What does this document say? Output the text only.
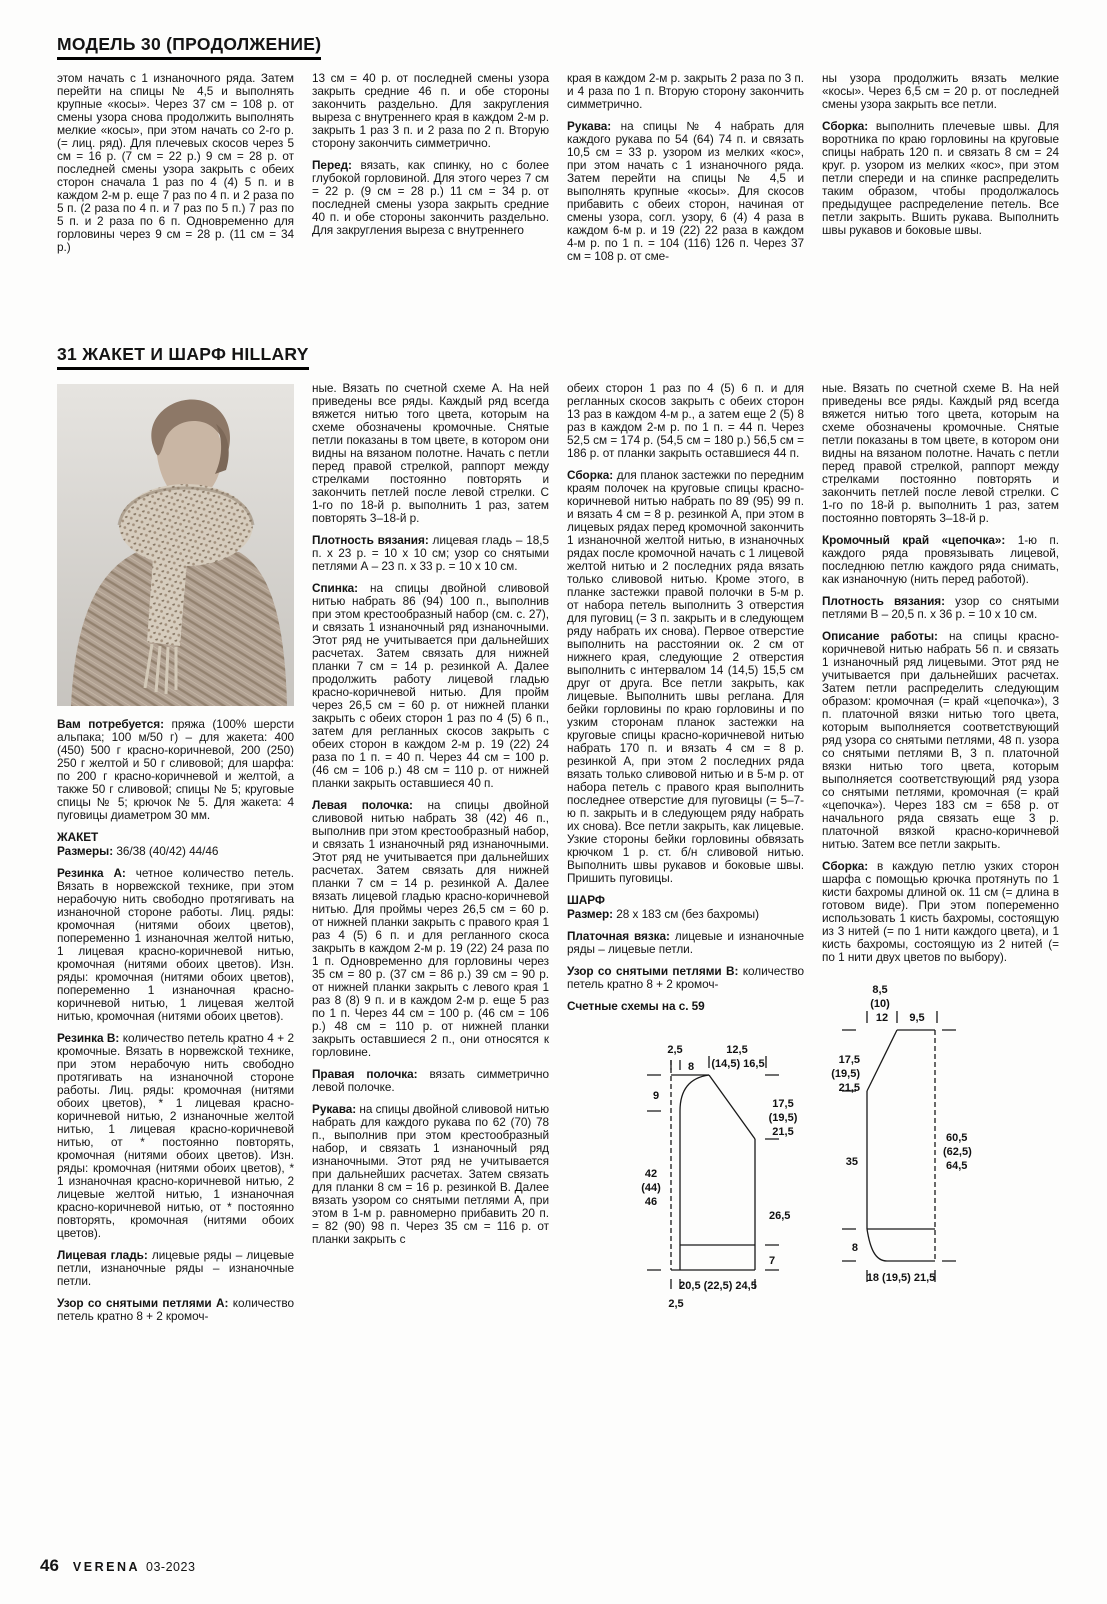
МОДЕЛЬ 30 (ПРОДОЛЖЕНИЕ)

этом начать с 1 изнаночного ряда. Затем перейти на спицы № 4,5 и выполнять крупные «косы». Через 37 см = 108 р. от смены узора снова продолжить выполнять мелкие «косы», при этом начать со 2-го р. (= лиц. ряд). Для плечевых скосов через 5 см = 16 р. (7 см = 22 р.) 9 см = 28 р. от последней смены узора закрыть с обеих сторон сначала 1 раз по 4 (4) 5 п. и в каждом 2-м р. еще 7 раз по 4 п. и 2 раза по 5 п. (2 раза по 4 п. и 7 раз по 5 п.) 7 раз по 5 п. и 2 раза по 6 п. Одновременно для горловины через 9 см = 28 р. (11 см = 34 р.)

13 см = 40 р. от последней смены узора закрыть средние 46 п. и обе стороны закончить раздельно. Для закругления выреза с внутреннего края в каждом 2-м р. закрыть 1 раз 3 п. и 2 раза по 2 п. Вторую сторону закончить симметрично.

Перед: вязать, как спинку, но с более глубокой горловиной. Для этого через 7 см = 22 р. (9 см = 28 р.) 11 см = 34 р. от последней смены узора закрыть средние 40 п. и обе стороны закончить раздельно. Для закругления выреза с внутреннего

края в каждом 2-м р. закрыть 2 раза по 3 п. и 4 раза по 1 п. Вторую сторону закончить симметрично.

Рукава: на спицы № 4 набрать для каждого рукава по 54 (64) 74 п. и связать 10,5 см = 33 р. узором из мелких «кос», при этом начать с 1 изнаночного ряда. Затем перейти на спицы № 4,5 и выполнять крупные «косы». Для скосов прибавить с обеих сторон, начиная от смены узора, согл. узору, 6 (4) 4 раза в каждом 6-м р. и 19 (22) 22 раза в каждом 4-м р. по 1 п. = 104 (116) 126 п. Через 37 см = 108 р. от сме-

ны узора продолжить вязать мелкие «косы». Через 6,5 см = 20 р. от последней смены узора закрыть все петли.

Сборка: выполнить плечевые швы. Для воротника по краю горловины на круговые спицы набрать 120 п. и связать 8 см = 24 круг. р. узором из мелких «кос», при этом петли спереди и на спинке распределить таким образом, чтобы продолжалось предыдущее распределение петель. Все петли закрыть. Вшить рукава. Выполнить швы рукавов и боковые швы.

31 ЖАКЕТ И ШАРФ HILLARY

Вам потребуется: пряжа (100% шерсти альпака; 100 м/50 г) – для жакета: 400 (450) 500 г красно-коричневой, 200 (250) 250 г желтой и 50 г сливовой; для шарфа: по 200 г красно-коричневой и желтой, а также 50 г сливовой; спицы № 5; круговые спицы № 5; крючок № 5. Для жакета: 4 пуговицы диаметром 30 мм.

ЖАКЕТ

Размеры: 36/38 (40/42) 44/46

Резинка А: четное количество петель. Вязать в норвежской технике, при этом нерабочую нить свободно протягивать на изнаночной стороне работы. Лиц. ряды: кромочная (нитями обоих цветов), попеременно 1 изнаночная желтой нитью, 1 лицевая красно-коричневой нитью, кромочная (нитями обоих цветов). Изн. ряды: кромочная (нитями обоих цветов), попеременно 1 изнаночная красно-коричневой нитью, 1 лицевая желтой нитью, кромочная (нитями обоих цветов).

Резинка В: количество петель кратно 4 + 2 кромочные. Вязать в норвежской технике, при этом нерабочую нить свободно протягивать на изнаночной стороне работы. Лиц. ряды: кромочная (нитями обоих цветов), * 1 лицевая красно-коричневой нитью, 2 изнаночные желтой нитью, 1 лицевая красно-коричневой нитью, от * постоянно повторять, кромочная (нитями обоих цветов). Изн. ряды: кромочная (нитями обоих цветов), * 1 изнаночная красно-коричневой нитью, 2 лицевые желтой нитью, 1 изнаночная красно-коричневой нитью, от * постоянно повторять, кромочная (нитями обоих цветов).

Лицевая гладь: лицевые ряды – лицевые петли, изнаночные ряды – изнаночные петли.

Узор со снятыми петлями А: количество петель кратно 8 + 2 кромоч-

ные. Вязать по счетной схеме А. На ней приведены все ряды. Каждый ряд всегда вяжется нитью того цвета, которым на схеме обозначены кромочные. Снятые петли показаны в том цвете, в котором они видны на вязаном полотне. Начать с петли перед правой стрелкой, раппорт между стрелками постоянно повторять и закончить петлей после левой стрелки. С 1-го по 18-й р. выполнить 1 раз, затем повторять 3–18-й р.

Плотность вязания: лицевая гладь – 18,5 п. х 23 р. = 10 х 10 см; узор со снятыми петлями А – 23 п. х 33 р. = 10 х 10 см.

Спинка: на спицы двойной сливовой нитью набрать 86 (94) 100 п., выполнив при этом крестообразный набор (см. с. 27), и связать 1 изнаночный ряд изнаночными. Этот ряд не учитывается при дальнейших расчетах. Затем связать для нижней планки 7 см = 14 р. резинкой А. Далее продолжить работу лицевой гладью красно-коричневой нитью. Для пройм через 26,5 см = 60 р. от нижней планки закрыть с обеих сторон 1 раз по 4 (5) 6 п., затем для регланных скосов закрыть с обеих сторон в каждом 2-м р. 19 (22) 24 раза по 1 п. = 40 п. Через 44 см = 100 р. (46 см = 106 р.) 48 см = 110 р. от нижней планки закрыть оставшиеся 40 п.

Левая полочка: на спицы двойной сливовой нитью набрать 38 (42) 46 п., выполнив при этом крестообразный набор, и связать 1 изнаночный ряд изнаночными. Этот ряд не учитывается при дальнейших расчетах. Затем связать для нижней планки 7 см = 14 р. резинкой А. Далее вязать лицевой гладью красно-коричневой нитью. Для проймы через 26,5 см = 60 р. от нижней планки закрыть с правого края 1 раз 4 (5) 6 п. и для регланного скоса закрыть в каждом 2-м р. 19 (22) 24 раза по 1 п. Одновременно для горловины через 35 см = 80 р. (37 см = 86 р.) 39 см = 90 р. от нижней планки закрыть с левого края 1 раз 8 (8) 9 п. и в каждом 2-м р. еще 5 раз по 1 п. Через 44 см = 100 р. (46 см = 106 р.) 48 см = 110 р. от нижней планки закрыть оставшиеся 2 п., они относятся к горловине.

Правая полочка: вязать симметрично левой полочке.

Рукава: на спицы двойной сливовой нитью набрать для каждого рукава по 62 (70) 78 п., выполнив при этом крестообразный набор, и связать 1 изнаночный ряд изнаночными. Этот ряд не учитывается при дальнейших расчетах. Затем связать для планки 8 см = 16 р. резинкой В. Далее вязать узором со снятыми петлями А, при этом в 1-м р. равномерно прибавить 20 п. = 82 (90) 98 п. Через 35 см = 116 р. от планки закрыть с

обеих сторон 1 раз по 4 (5) 6 п. и для регланных скосов закрыть с обеих сторон 13 раз в каждом 4-м р., а затем еще 2 (5) 8 раз в каждом 2-м р. по 1 п. = 44 п. Через 52,5 см = 174 р. (54,5 см = 180 р.) 56,5 см = 186 р. от планки закрыть оставшиеся 44 п.

Сборка: для планок застежки по передним краям полочек на круговые спицы красно-коричневой нитью набрать по 89 (95) 99 п. и вязать 4 см = 8 р. резинкой А, при этом в лицевых рядах перед кромочной закончить 1 изнаночной желтой нитью, в изнаночных рядах после кромочной начать с 1 лицевой желтой нитью и 2 последних ряда вязать только сливовой нитью. Кроме этого, в планке застежки правой полочки в 5-м р. от набора петель выполнить 3 отверстия для пуговиц (= 3 п. закрыть и в следующем ряду набрать их снова). Первое отверстие выполнить на расстоянии ок. 2 см от нижнего края, следующие 2 отверстия выполнить с интервалом 14 (14,5) 15,5 см друг от друга. Все петли закрыть, как лицевые. Выполнить швы реглана. Для бейки горловины по краю горловины и по узким сторонам планок застежки на круговые спицы красно-коричневой нитью набрать 170 п. и вязать 4 см = 8 р. резинкой А, при этом 2 последних ряда вязать только сливовой нитью и в 5-м р. от набора петель с правого края выполнить последнее отверстие для пуговицы (= 5–7-ю п. закрыть и в следующем ряду набрать их снова). Все петли закрыть, как лицевые. Узкие стороны бейки горловины обвязать крючком 1 р. ст. б/н сливовой нитью. Выполнить швы рукавов и боковые швы. Пришить пуговицы.

ШАРФ

Размер: 28 х 183 см (без бахромы)

Платочная вязка: лицевые и изнаночные ряды – лицевые петли.

Узор со снятыми петлями В: количество петель кратно 8 + 2 кромоч-

Счетные схемы на с. 59

2,5
8
12,5
(14,5) 16,5
9
17,5
(19,5)
21,5
42
(44)
46
26,5
7
20,5 (22,5) 24,5
2,5

ные. Вязать по счетной схеме В. На ней приведены все ряды. Каждый ряд всегда вяжется нитью того цвета, которым на схеме обозначены кромочные. Снятые петли показаны в том цвете, в котором они видны на вязаном полотне. Начать с петли перед правой стрелкой, раппорт между стрелками постоянно повторять и закончить петлей после левой стрелки. С 1-го по 18-й р. выполнить 1 раз, затем постоянно повторять 3–18-й р.

Кромочный край «цепочка»: 1-ю п. каждого ряда провязывать лицевой, последнюю петлю каждого ряда снимать, как изнаночную (нить перед работой).

Плотность вязания: узор со снятыми петлями В – 20,5 п. х 36 р. = 10 х 10 см.

Описание работы: на спицы красно-коричневой нитью набрать 56 п. и связать 1 изнаночный ряд лицевыми. Этот ряд не учитывается при дальнейших расчетах. Затем петли распределить следующим образом: кромочная (= край «цепочка»), 3 п. платочной вязки нитью того цвета, которым выполняется соответствующий ряд узора со снятыми петлями, 48 п. узора со снятыми петлями В, 3 п. платочной вязки нитью того цвета, которым выполняется соответствующий ряд узора со снятыми петлями, кромочная (= край «цепочка»). Через 183 см = 658 р. от начального ряда связать еще 3 р. платочной вязкой красно-коричневой нитью. Затем все петли закрыть.

Сборка: в каждую петлю узких сторон шарфа с помощью крючка протянуть по 1 кисти бахромы длиной ок. 11 см (= длина в готовом виде). При этом попеременно использовать 1 кисть бахромы, состоящую из 3 нитей (= по 1 нити каждого цвета), и 1 кисть бахромы, состоящую из 2 нитей (= по 1 нити двух цветов по выбору).

8,5
(10)
12 9,5
17,5
(19,5)
21,5
35
8
60,5
(62,5)
64,5
18 (19,5) 21,5
46 VERENA 03-2023
